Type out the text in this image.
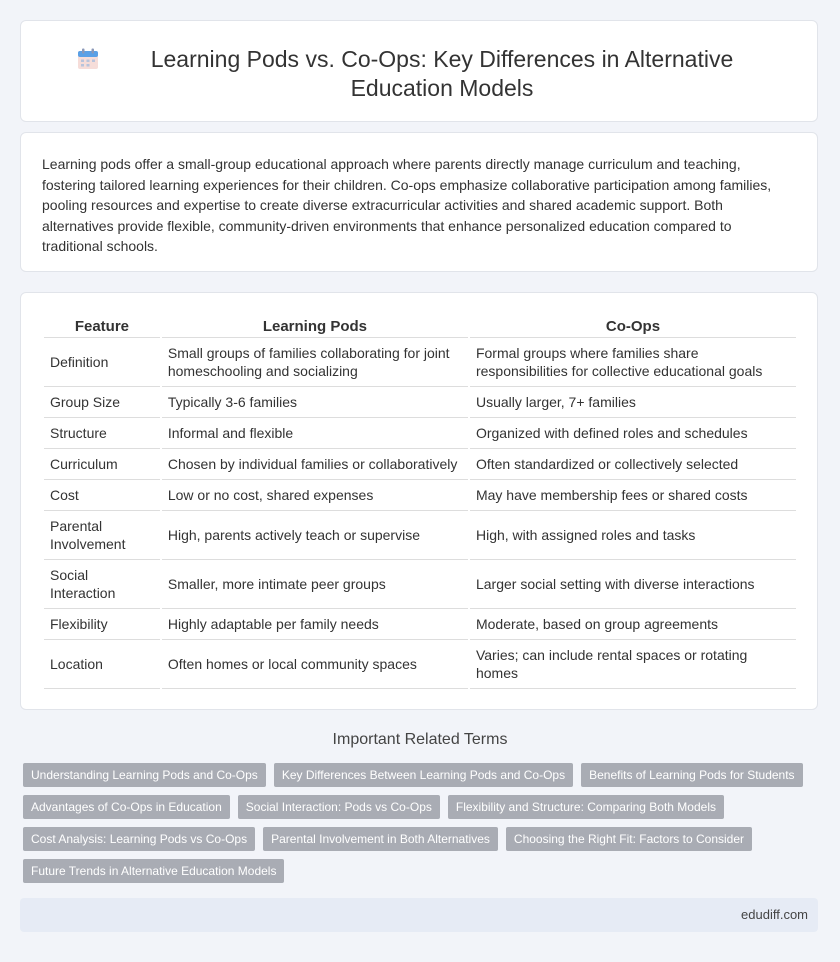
Learning Pods vs. Co-Ops: Key Differences in Alternative Education Models

Learning pods offer a small-group educational approach where parents directly manage curriculum and teaching, fostering tailored learning experiences for their children. Co-ops emphasize collaborative participation among families, pooling resources and expertise to create diverse extracurricular activities and shared academic support. Both alternatives provide flexible, community-driven environments that enhance personalized education compared to traditional schools.

Feature	Learning Pods	Co-Ops
Definition	Small groups of families collaborating for joint homeschooling and socializing	Formal groups where families share responsibilities for collective educational goals
Group Size	Typically 3-6 families	Usually larger, 7+ families
Structure	Informal and flexible	Organized with defined roles and schedules
Curriculum	Chosen by individual families or collaboratively	Often standardized or collectively selected
Cost	Low or no cost, shared expenses	May have membership fees or shared costs
Parental Involvement	High, parents actively teach or supervise	High, with assigned roles and tasks
Social Interaction	Smaller, more intimate peer groups	Larger social setting with diverse interactions
Flexibility	Highly adaptable per family needs	Moderate, based on group agreements
Location	Often homes or local community spaces	Varies; can include rental spaces or rotating homes
Important Related Terms
Understanding Learning Pods and Co-Ops	Key Differences Between Learning Pods and Co-Ops	Benefits of Learning Pods for Students
Advantages of Co-Ops in Education	Social Interaction: Pods vs Co-Ops	Flexibility and Structure: Comparing Both Models
Cost Analysis: Learning Pods vs Co-Ops	Parental Involvement in Both Alternatives	Choosing the Right Fit: Factors to Consider
Future Trends in Alternative Education Models
edudiff.com
